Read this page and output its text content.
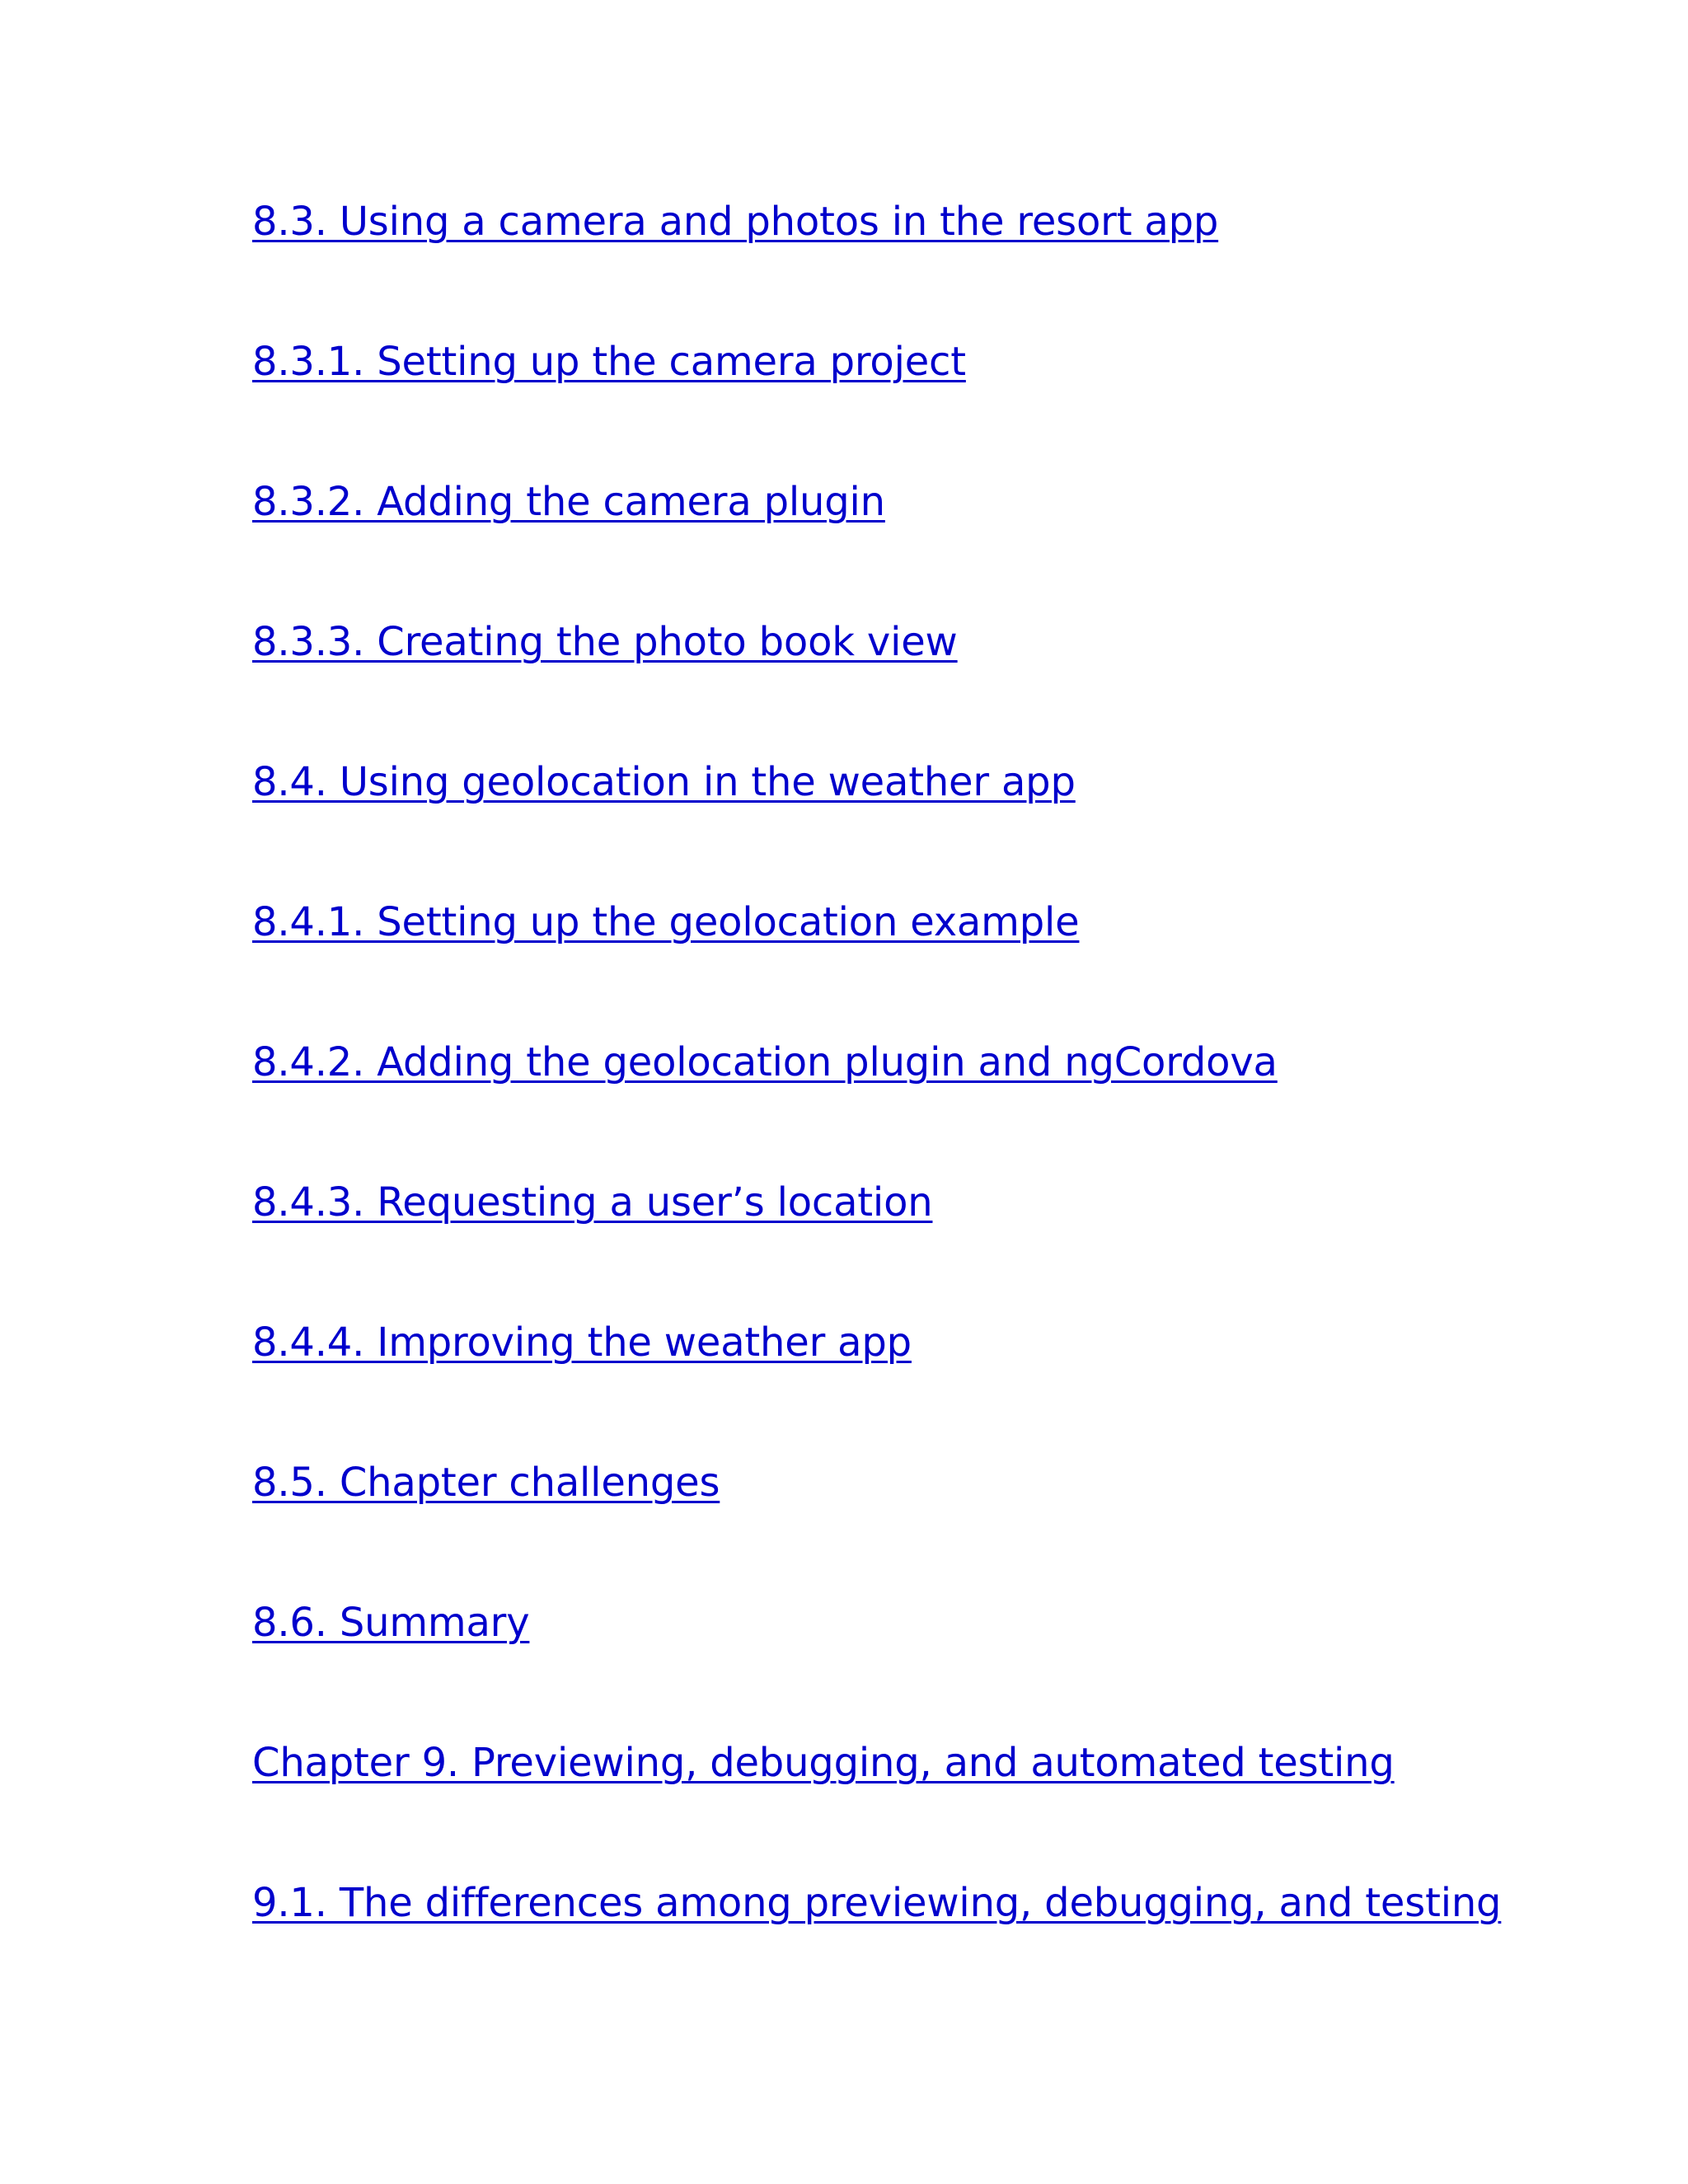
8.3. Using a camera and photos in the resort app
8.3.1. Setting up the camera project
8.3.2. Adding the camera plugin
8.3.3. Creating the photo book view
8.4. Using geolocation in the weather app
8.4.1. Setting up the geolocation example
8.4.2. Adding the geolocation plugin and ngCordova
8.4.3. Requesting a user’s location
8.4.4. Improving the weather app
8.5. Chapter challenges
8.6. Summary
Chapter 9. Previewing, debugging, and automated testing
9.1. The differences among previewing, debugging, and testing
